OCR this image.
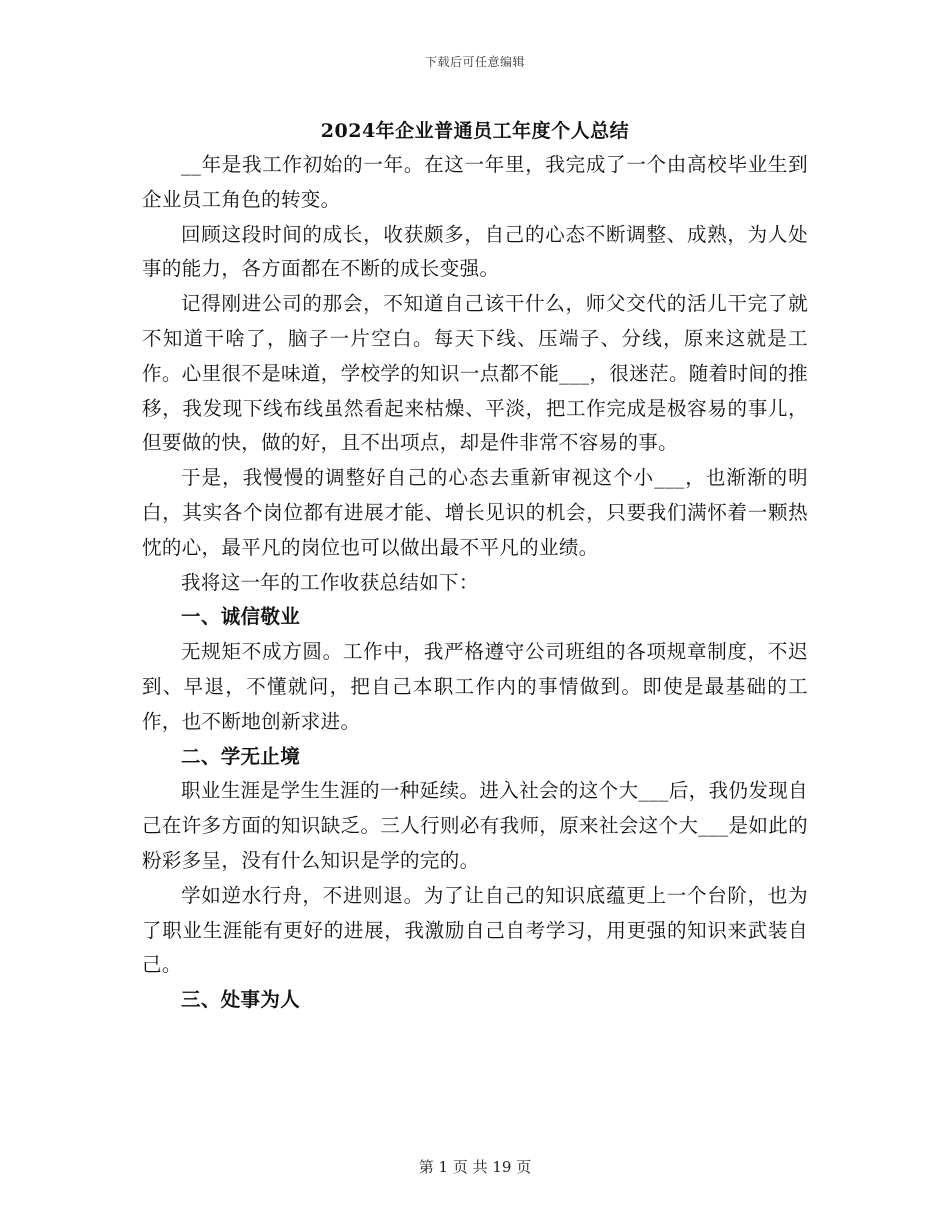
下载后可任意编辑
2024年企业普通员工年度个人总结

__年是我工作初始的一年。在这一年里，我完成了一个由高校毕业生到企业员工角色的转变。

回顾这段时间的成长，收获颇多，自己的心态不断调整、成熟，为人处事的能力，各方面都在不断的成长变强。

记得刚进公司的那会，不知道自己该干什么，师父交代的活儿干完了就不知道干啥了，脑子一片空白。每天下线、压端子、分线，原来这就是工作。心里很不是味道，学校学的知识一点都不能___，很迷茫。随着时间的推移，我发现下线布线虽然看起来枯燥、平淡，把工作完成是极容易的事儿，但要做的快，做的好，且不出项点，却是件非常不容易的事。

于是，我慢慢的调整好自己的心态去重新审视这个小___，也渐渐的明白，其实各个岗位都有进展才能、增长见识的机会，只要我们满怀着一颗热忱的心，最平凡的岗位也可以做出最不平凡的业绩。

我将这一年的工作收获总结如下：

一、诚信敬业

无规矩不成方圆。工作中，我严格遵守公司班组的各项规章制度，不迟到、早退，不懂就问，把自己本职工作内的事情做到。即使是最基础的工作，也不断地创新求进。

二、学无止境

职业生涯是学生生涯的一种延续。进入社会的这个大___后，我仍发现自己在许多方面的知识缺乏。三人行则必有我师，原来社会这个大___是如此的粉彩多呈，没有什么知识是学的完的。

学如逆水行舟，不进则退。为了让自己的知识底蕴更上一个台阶，也为了职业生涯能有更好的进展，我激励自己自考学习，用更强的知识来武装自己。

三、处事为人

第 1 页 共 19 页
